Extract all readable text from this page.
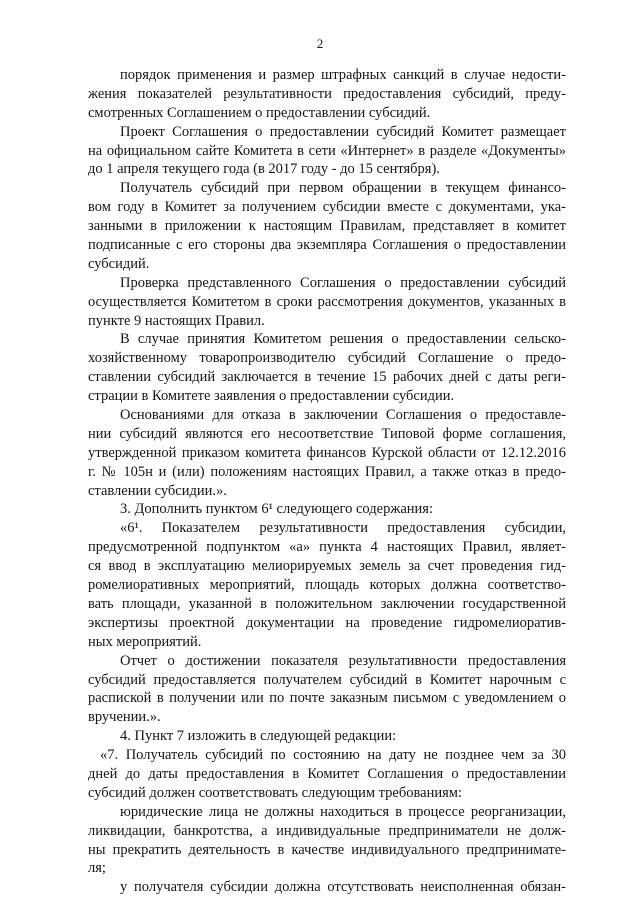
2
порядок применения и размер штрафных санкций в случае недости-
жения показателей результативности предоставления субсидий, преду-
смотренных Соглашением о предоставлении субсидий.
Проект Соглашения о предоставлении субсидий Комитет размещает
на официальном сайте Комитета в сети «Интернет» в разделе «Документы»
до 1 апреля текущего года (в 2017 году - до 15 сентября).
Получатель субсидий при первом обращении в текущем финансо-
вом году в Комитет за получением субсидии вместе с документами, ука-
занными в приложении к настоящим Правилам, представляет в комитет
подписанные с его стороны два экземпляра Соглашения о предоставлении
субсидий.
Проверка представленного Соглашения о предоставлении субсидий
осуществляется Комитетом в сроки рассмотрения документов, указанных в
пункте 9 настоящих Правил.
В случае принятия Комитетом решения о предоставлении сельско-
хозяйственному товаропроизводителю субсидий Соглашение о предо-
ставлении субсидий заключается в течение 15 рабочих дней с даты реги-
страции в Комитете заявления о предоставлении субсидии.
Основаниями для отказа в заключении Соглашения о предоставле-
нии субсидий являются его несоответствие Типовой форме соглашения,
утвержденной приказом комитета финансов Курской области от 12.12.2016
г. № 105н и (или) положениям настоящих Правил, а также отказ в предо-
ставлении субсидии.».
3. Дополнить пунктом 6¹ следующего содержания:
«6¹. Показателем результативности предоставления субсидии,
предусмотренной подпунктом «а» пункта 4 настоящих Правил, являет-
ся ввод в эксплуатацию мелиорируемых земель за счет проведения гид-
ромелиоративных мероприятий, площадь которых должна соответство-
вать площади, указанной в положительном заключении государственной
экспертизы проектной документации на проведение гидромелиоратив-
ных мероприятий.
Отчет о достижении показателя результативности предоставления
субсидий предоставляется получателем субсидий в Комитет нарочным с
распиской в получении или по почте заказным письмом с уведомлением о
вручении.».
4. Пункт 7 изложить в следующей редакции:
«7. Получатель субсидий по состоянию на дату не позднее чем за 30
дней до даты предоставления в Комитет Соглашения о предоставлении
субсидий должен соответствовать следующим требованиям:
юридические лица не должны находиться в процессе реорганизации,
ликвидации, банкротства, а индивидуальные предприниматели не долж-
ны прекратить деятельность в качестве индивидуального предпринимате-
ля;
у получателя субсидии должна отсутствовать неисполненная обязан-
